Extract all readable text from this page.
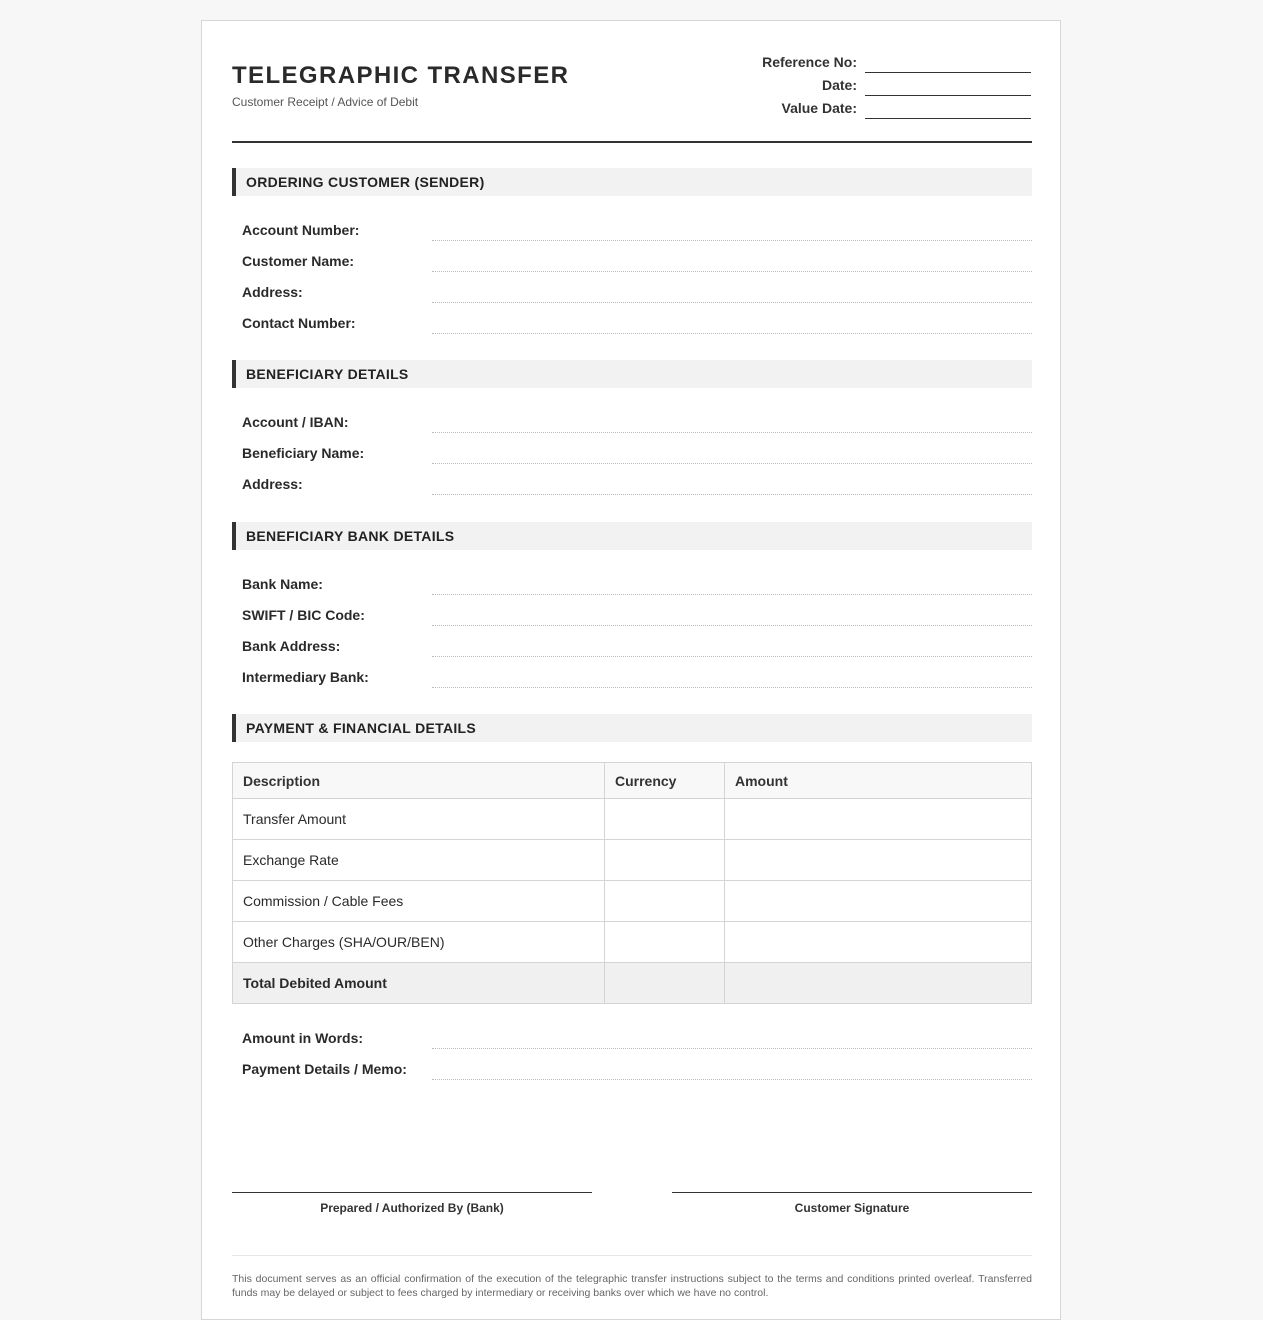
TELEGRAPHIC TRANSFER
Customer Receipt / Advice of Debit
Reference No:
Date:
Value Date:
ORDERING CUSTOMER (SENDER)
Account Number:
Customer Name:
Address:
Contact Number:
BENEFICIARY DETAILS
Account / IBAN:
Beneficiary Name:
Address:
BENEFICIARY BANK DETAILS
Bank Name:
SWIFT / BIC Code:
Bank Address:
Intermediary Bank:
PAYMENT & FINANCIAL DETAILS
Description	Currency	Amount
Transfer Amount		
Exchange Rate		
Commission / Cable Fees		
Other Charges (SHA/OUR/BEN)		
Total Debited Amount		
Amount in Words:
Payment Details / Memo:
Prepared / Authorized By (Bank)	Customer Signature
This document serves as an official confirmation of the execution of the telegraphic transfer instructions subject to the terms and conditions printed overleaf. Transferred funds may be delayed or subject to fees charged by intermediary or receiving banks over which we have no control.
